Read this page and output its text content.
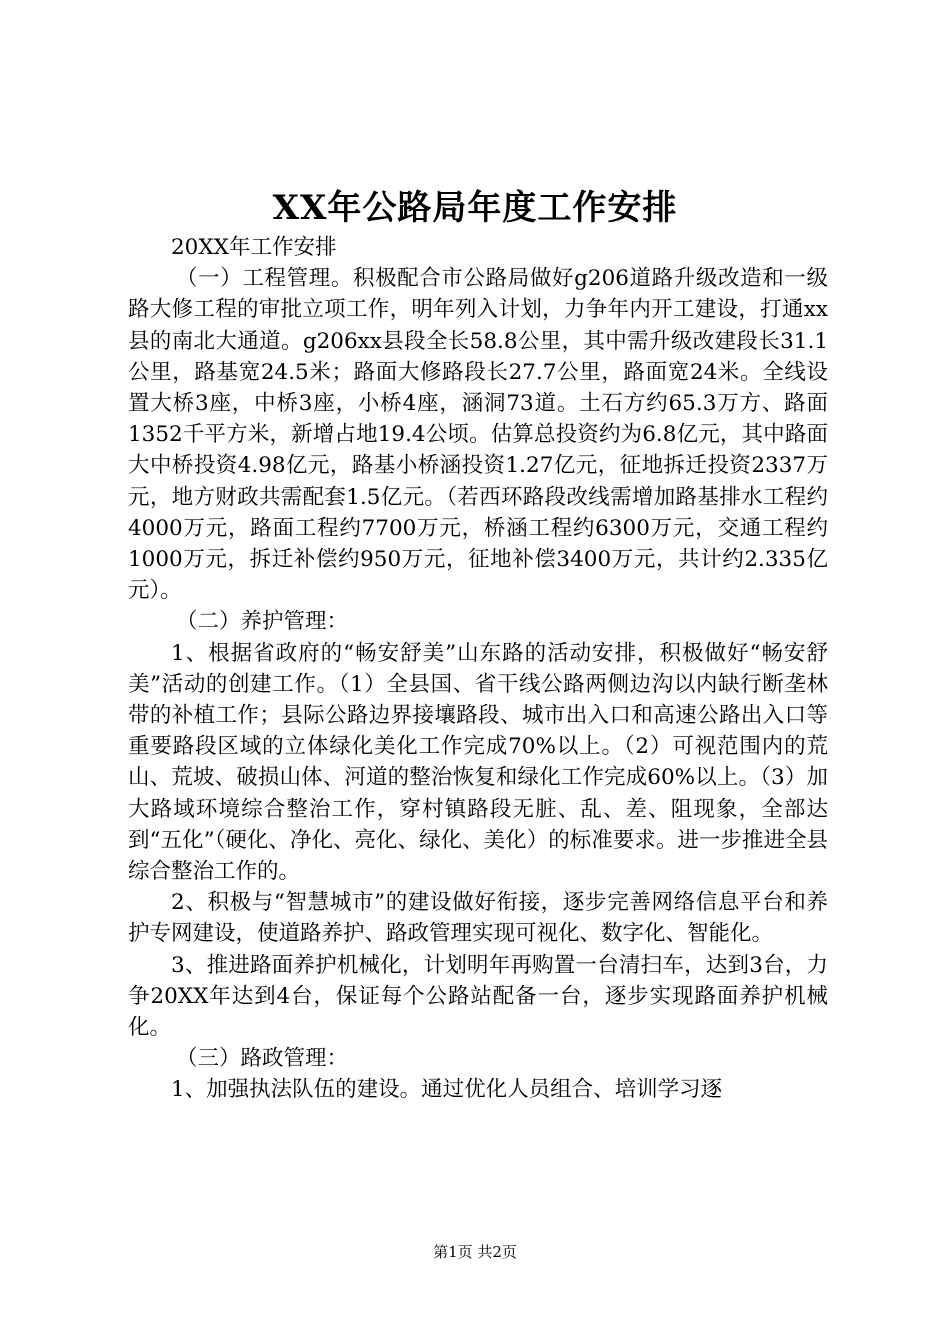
XX年公路局年度工作安排

20XX年工作安排

（一）工程管理。积极配合市公路局做好g206道路升级改造和一级路大修工程的审批立项工作，明年列入计划，力争年内开工建设，打通xx县的南北大通道。g206xx县段全长58.8公里，其中需升级改建段长31.1公里，路基宽24.5米；路面大修路段长27.7公里，路面宽24米。全线设置大桥3座，中桥3座，小桥4座，涵洞73道。土石方约65.3万方、路面1352千平方米，新增占地19.4公顷。估算总投资约为6.8亿元，其中路面大中桥投资4.98亿元，路基小桥涵投资1.27亿元，征地拆迁投资2337万元，地方财政共需配套1.5亿元。（若西环路段改线需增加路基排水工程约4000万元，路面工程约7700万元，桥涵工程约6300万元，交通工程约1000万元，拆迁补偿约950万元，征地补偿3400万元，共计约2.335亿元）。

（二）养护管理：

1、根据省政府的“畅安舒美”山东路的活动安排，积极做好“畅安舒美”活动的创建工作。（1）全县国、省干线公路两侧边沟以内缺行断垄林带的补植工作；县际公路边界接壤路段、城市出入口和高速公路出入口等重要路段区域的立体绿化美化工作完成70%以上。（2）可视范围内的荒山、荒坡、破损山体、河道的整治恢复和绿化工作完成60%以上。（3）加大路域环境综合整治工作，穿村镇路段无脏、乱、差、阻现象，全部达到“五化”（硬化、净化、亮化、绿化、美化）的标准要求。进一步推进全县综合整治工作的。

2、积极与“智慧城市”的建设做好衔接，逐步完善网络信息平台和养护专网建设，使道路养护、路政管理实现可视化、数字化、智能化。

3、推进路面养护机械化，计划明年再购置一台清扫车，达到3台，力争20XX年达到4台，保证每个公路站配备一台，逐步实现路面养护机械化。

（三）路政管理：

1、加强执法队伍的建设。通过优化人员组合、培训学习逐

第1页 共2页
